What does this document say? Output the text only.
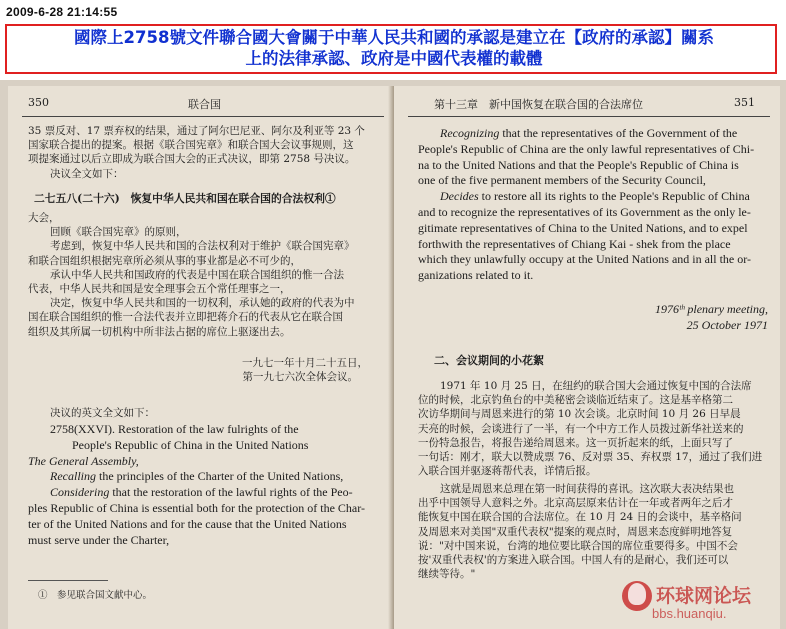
2009-6-28 21:14:55
國際上2758號文件聯合國大會關于中華人民共和國的承認是建立在【政府的承認】關系
上的法律承認、政府是中國代表權的載體
350	联合国

35 票反对、17 票弃权的结果，通过了阿尔巴尼亚、阿尔及利亚等 23 个

国家联合提出的提案。根据《联合国宪章》和联合国大会议事规则，这

项提案通过以后立即成为联合国大会的正式决议，即第 2758 号决议。

决议全文如下：

二七五八(二十六)　恢复中华人民共和国在联合国的合法权利①

大会，

回顾《联合国宪章》的原则，

考虑到，恢复中华人民共和国的合法权利对于维护《联合国宪章》

和联合国组织根据宪章所必须从事的事业都是必不可少的，

承认中华人民共和国政府的代表是中国在联合国组织的惟一合法

代表，中华人民共和国是安全理事会五个常任理事之一，

决定，恢复中华人民共和国的一切权利，承认她的政府的代表为中

国在联合国组织的惟一合法代表并立即把蒋介石的代表从它在联合国

组织及其所属一切机构中所非法占据的席位上驱逐出去。

一九七一年十月二十五日，

第一九七六次全体会议。

决议的英文全文如下：

2758(XXVI). Restoration of the law fulrights of the

People's Republic of China in the United Nations

The General Assembly,

Recalling the principles of the Charter of the United Nations,

Considering that the restoration of the lawful rights of the Peo-

ples Republic of China is essential both for the protection of the Char-

ter of the United Nations and for the cause that the United Nations

must serve under the Charter,

①　参见联合国文献中心。
第十三章　新中国恢复在联合国的合法席位	351

Recognizing that the representatives of the Government of the

People's Republic of China are the only lawful representatives of Chi-

na to the United Nations and that the People's Republic of China is

one of the five permanent members of the Security Council,

Decides to restore all its rights to the People's Republic of China

and to recognize the representatives of its Government as the only le-

gitimate representatives of China to the United Nations, and to expel

forthwith the representatives of Chiang Kai - shek from the place

which they unlawfully occupy at the United Nations and in all the or-

ganizations related to it.

1976ᵗʰ plenary meeting,

25 October 1971

二、会议期间的小花絮

1971 年 10 月 25 日，在纽约的联合国大会通过恢复中国的合法席

位的时候，北京钓鱼台的中美秘密会谈临近结束了。这是基辛格第二

次访华期间与周恩来进行的第 10 次会谈。北京时间 10 月 26 日早晨

天亮的时候，会谈进行了一半，有一个中方工作人员拨过新华社送来的

一份特急报告，将报告递给周恩来。这一页折起来的纸，上面只写了

一句话：刚才，联大以赞成票 76、反对票 35、弃权票 17，通过了我们进

入联合国并驱逐蒋帮代表，详情后报。

这就是周恩来总理在第一时间获得的喜讯。这次联大表决结果也

出乎中国领导人意料之外。北京高层原来估计在一年或者两年之后才

能恢复中国在联合国的合法席位。在 10 月 24 日的会谈中，基辛格问

及周恩来对美国"双重代表权"提案的观点时，周恩来态度鲜明地答复

说："对中国来说，台湾的地位要比联合国的席位重要得多。中国不会

按'双重代表权'的方案进入联合国。中国人有的是耐心，我们还可以

继续等待。"

环球网论坛
bbs.huanqiu.
